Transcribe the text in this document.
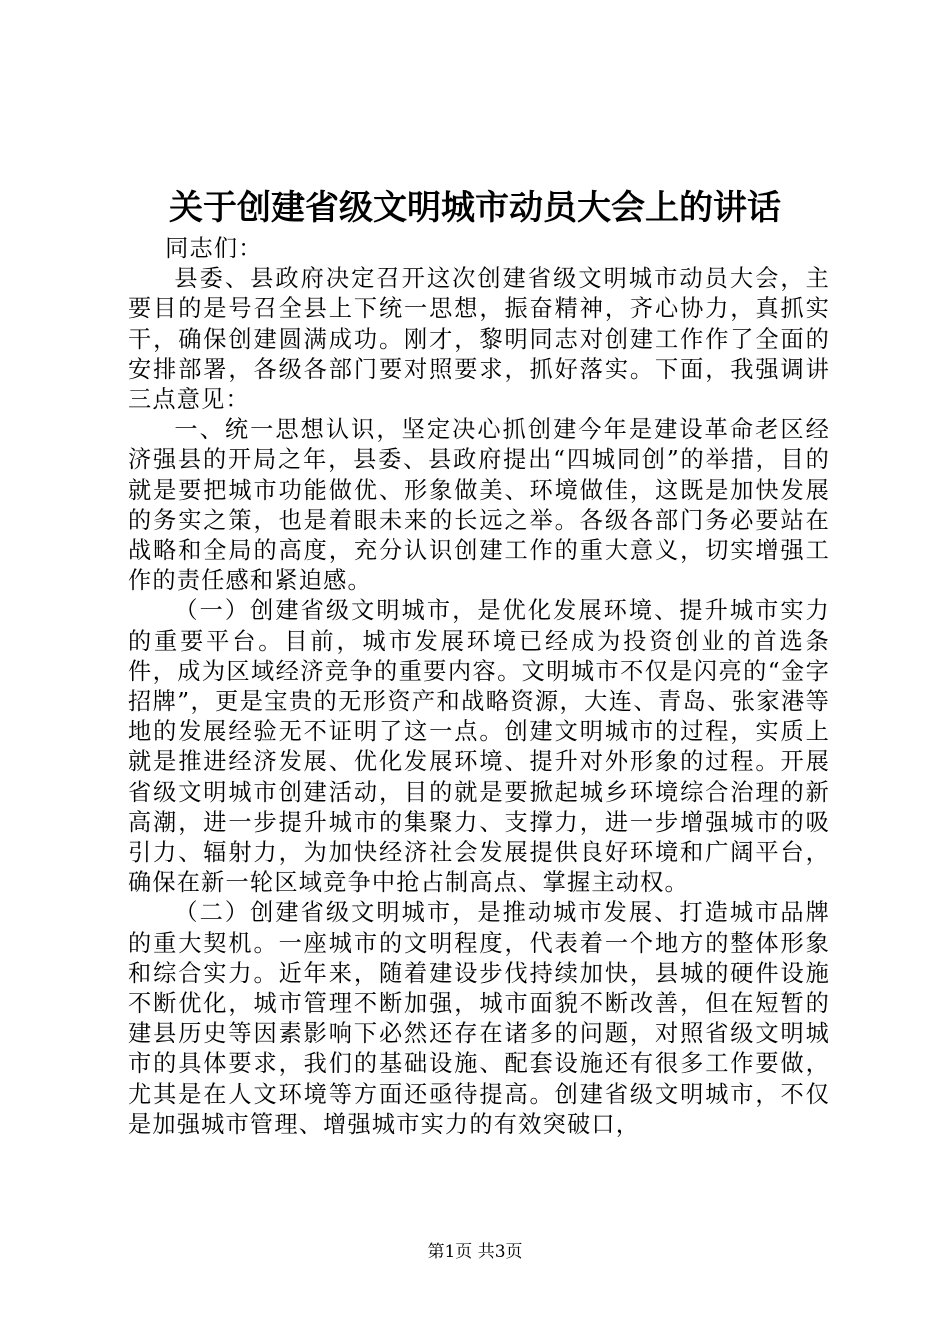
关于创建省级文明城市动员大会上的讲话

同志们：

县委、县政府决定召开这次创建省级文明城市动员大会，主要目的是号召全县上下统一思想，振奋精神，齐心协力，真抓实干，确保创建圆满成功。刚才，黎明同志对创建工作作了全面的安排部署，各级各部门要对照要求，抓好落实。下面，我强调讲三点意见：

一、统一思想认识，坚定决心抓创建今年是建设革命老区经济强县的开局之年，县委、县政府提出“四城同创”的举措，目的就是要把城市功能做优、形象做美、环境做佳，这既是加快发展的务实之策，也是着眼未来的长远之举。各级各部门务必要站在战略和全局的高度，充分认识创建工作的重大意义，切实增强工作的责任感和紧迫感。

（一）创建省级文明城市，是优化发展环境、提升城市实力的重要平台。目前，城市发展环境已经成为投资创业的首选条件，成为区域经济竞争的重要内容。文明城市不仅是闪亮的“金字招牌”，更是宝贵的无形资产和战略资源，大连、青岛、张家港等地的发展经验无不证明了这一点。创建文明城市的过程，实质上就是推进经济发展、优化发展环境、提升对外形象的过程。开展省级文明城市创建活动，目的就是要掀起城乡环境综合治理的新高潮，进一步提升城市的集聚力、支撑力，进一步增强城市的吸引力、辐射力，为加快经济社会发展提供良好环境和广阔平台，确保在新一轮区域竞争中抢占制高点、掌握主动权。

（二）创建省级文明城市，是推动城市发展、打造城市品牌的重大契机。一座城市的文明程度，代表着一个地方的整体形象和综合实力。近年来，随着建设步伐持续加快，县城的硬件设施不断优化，城市管理不断加强，城市面貌不断改善，但在短暂的建县历史等因素影响下必然还存在诸多的问题，对照省级文明城市的具体要求，我们的基础设施、配套设施还有很多工作要做，尤其是在人文环境等方面还亟待提高。创建省级文明城市，不仅是加强城市管理、增强城市实力的有效突破口，

第1页 共3页
